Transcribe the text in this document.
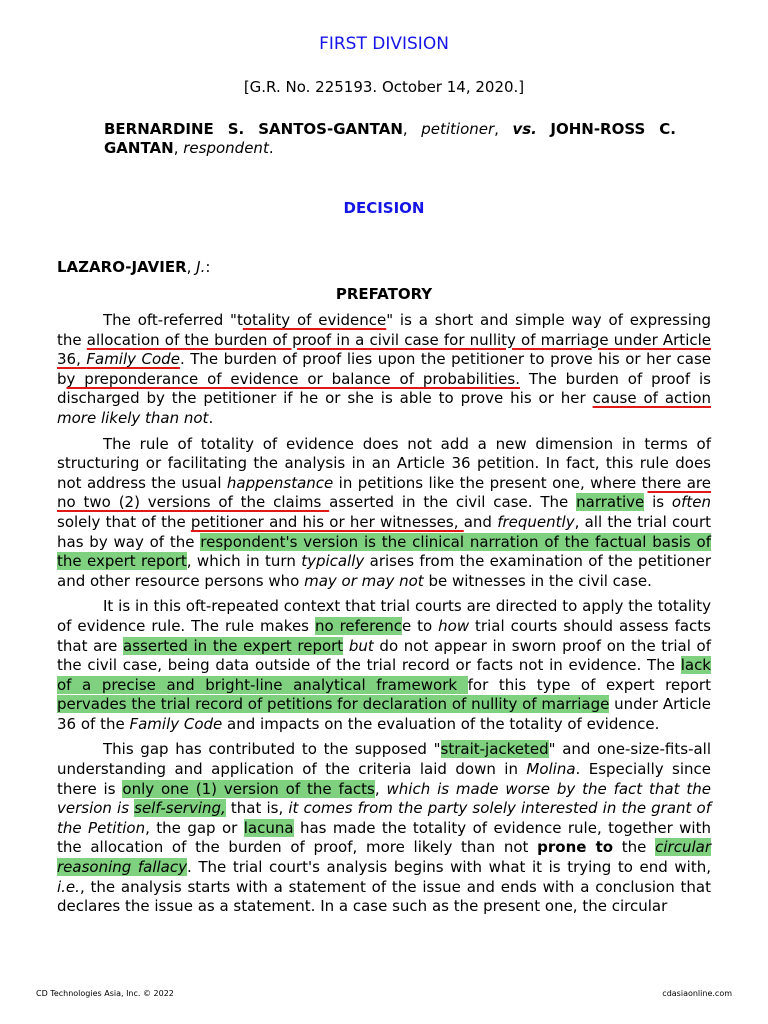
FIRST DIVISION
[G.R. No. 225193. October 14, 2020.]
BERNARDINE S. SANTOS-GANTAN, petitioner, vs. JOHN-ROSS C. GANTAN, respondent.
DECISION
LAZARO-JAVIER, J.:
PREFATORY

The oft-referred "totality of evidence" is a short and simple way of expressing the allocation of the burden of proof in a civil case for nullity of marriage under Article 36, Family Code. The burden of proof lies upon the petitioner to prove his or her case by preponderance of evidence or balance of probabilities. The burden of proof is discharged by the petitioner if he or she is able to prove his or her cause of action more likely than not.

The rule of totality of evidence does not add a new dimension in terms of structuring or facilitating the analysis in an Article 36 petition. In fact, this rule does not address the usual happenstance in petitions like the present one, where there are no two (2) versions of the claims asserted in the civil case. The narrative is often solely that of the petitioner and his or her witnesses, and frequently, all the trial court has by way of the respondent's version is the clinical narration of the factual basis of the expert report, which in turn typically arises from the examination of the petitioner and other resource persons who may or may not be witnesses in the civil case.

It is in this oft-repeated context that trial courts are directed to apply the totality of evidence rule. The rule makes no reference to how trial courts should assess facts that are asserted in the expert report but do not appear in sworn proof on the trial of the civil case, being data outside of the trial record or facts not in evidence. The lack of a precise and bright-line analytical framework for this type of expert report pervades the trial record of petitions for declaration of nullity of marriage under Article 36 of the Family Code and impacts on the evaluation of the totality of evidence.

This gap has contributed to the supposed "strait-jacketed" and one-size-fits-all understanding and application of the criteria laid down in Molina. Especially since there is only one (1) version of the facts, which is made worse by the fact that the version is self-serving, that is, it comes from the party solely interested in the grant of the Petition, the gap or lacuna has made the totality of evidence rule, together with the allocation of the burden of proof, more likely than not prone to the circular reasoning fallacy. The trial court's analysis begins with what it is trying to end with, i.e., the analysis starts with a statement of the issue and ends with a conclusion that declares the issue as a statement. In a case such as the present one, the circular

CD Technologies Asia, Inc. © 2022	cdasiaonline.com
